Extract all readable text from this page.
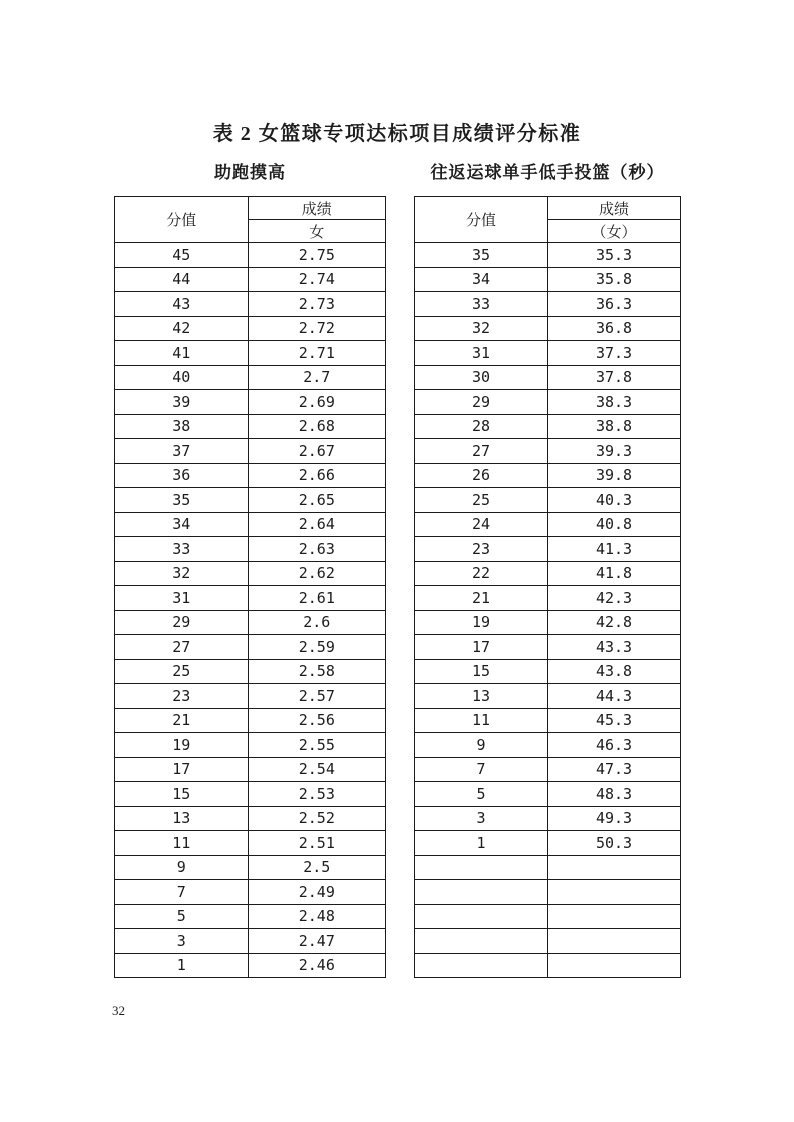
表 2 女篮球专项达标项目成绩评分标准
助跑摸高
分值	成绩
	女
45	2.75
44	2.74
43	2.73
42	2.72
41	2.71
40	2.7
39	2.69
38	2.68
37	2.67
36	2.66
35	2.65
34	2.64
33	2.63
32	2.62
31	2.61
29	2.6
27	2.59
25	2.58
23	2.57
21	2.56
19	2.55
17	2.54
15	2.53
13	2.52
11	2.51
9	2.5
7	2.49
5	2.48
3	2.47
1	2.46
往返运球单手低手投篮（秒）
分值	成绩
	（女）
35	35.3
34	35.8
33	36.3
32	36.8
31	37.3
30	37.8
29	38.3
28	38.8
27	39.3
26	39.8
25	40.3
24	40.8
23	41.3
22	41.8
21	42.3
19	42.8
17	43.3
15	43.8
13	44.3
11	45.3
9	46.3
7	47.3
5	48.3
3	49.3
1	50.3

32
